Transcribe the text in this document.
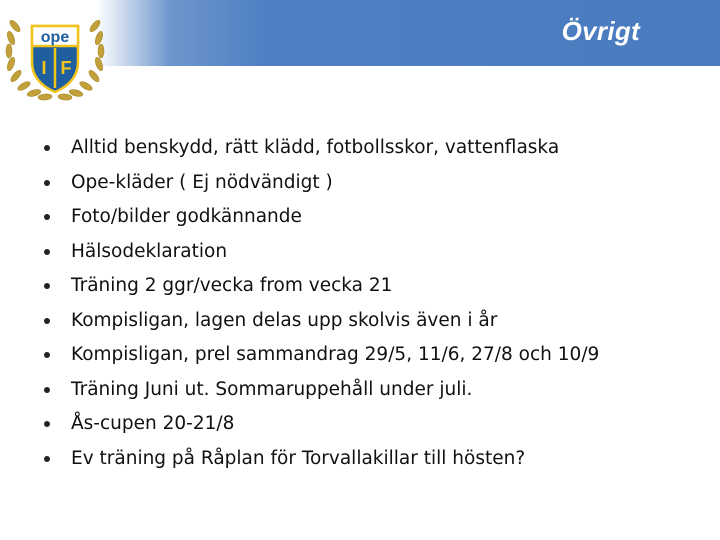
Övrigt
ope
I F
Alltid benskydd, rätt klädd, fotbollsskor, vattenflaska
Ope-kläder ( Ej nödvändigt )
Foto/bilder godkännande
Hälsodeklaration
Träning 2 ggr/vecka from vecka 21
Kompisligan, lagen delas upp skolvis även i år
Kompisligan, prel sammandrag 29/5, 11/6, 27/8 och 10/9
Träning Juni ut. Sommaruppehåll under juli.
Ås-cupen 20-21/8
Ev träning på Råplan för Torvallakillar till hösten?
